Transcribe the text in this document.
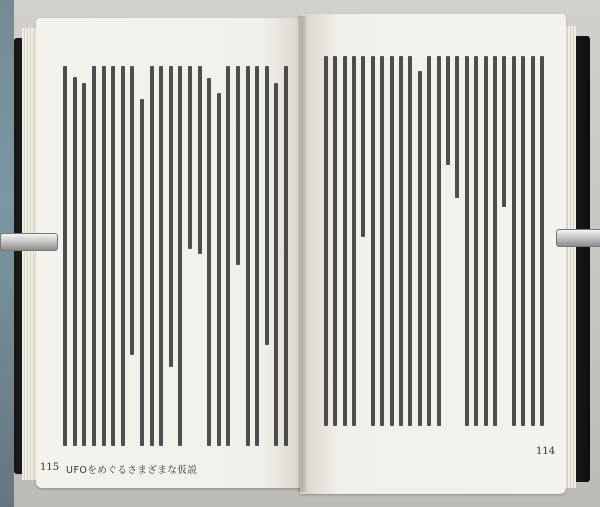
115 UFOをめぐるさまざまな仮説
114
